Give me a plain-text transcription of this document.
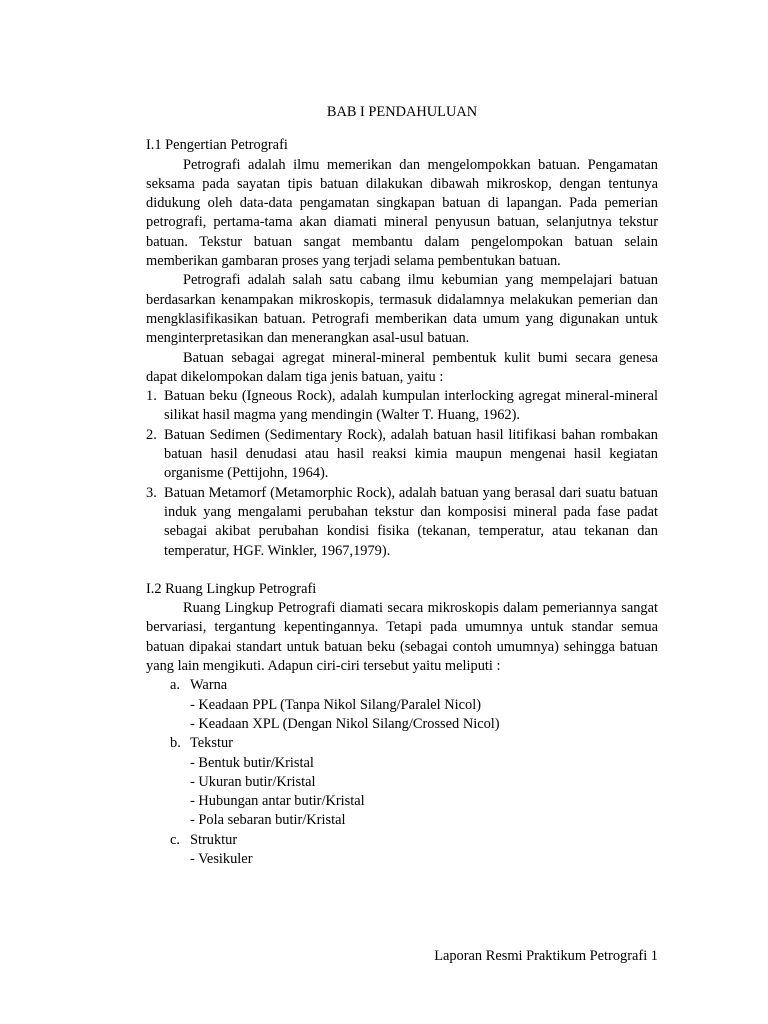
BAB I PENDAHULUAN
I.1 Pengertian Petrografi

Petrografi adalah ilmu memerikan dan mengelompokkan batuan. Pengamatan seksama pada sayatan tipis batuan dilakukan dibawah mikroskop, dengan tentunya didukung oleh data-data pengamatan singkapan batuan di lapangan. Pada pemerian petrografi, pertama-tama akan diamati mineral penyusun batuan, selanjutnya tekstur batuan. Tekstur batuan sangat membantu dalam pengelompokan batuan selain memberikan gambaran proses yang terjadi selama pembentukan batuan.

Petrografi adalah salah satu cabang ilmu kebumian yang mempelajari batuan berdasarkan kenampakan mikroskopis, termasuk didalamnya melakukan pemerian dan mengklasifikasikan batuan. Petrografi memberikan data umum yang digunakan untuk menginterpretasikan dan menerangkan asal-usul batuan.

Batuan sebagai agregat mineral-mineral pembentuk kulit bumi secara genesa dapat dikelompokan dalam tiga jenis batuan, yaitu :

1. Batuan beku (Igneous Rock), adalah kumpulan interlocking agregat mineral-mineral silikat hasil magma yang mendingin (Walter T. Huang, 1962).
2. Batuan Sedimen (Sedimentary Rock), adalah batuan hasil litifikasi bahan rombakan batuan hasil denudasi atau hasil reaksi kimia maupun mengenai hasil kegiatan organisme (Pettijohn, 1964).
3. Batuan Metamorf (Metamorphic Rock), adalah batuan yang berasal dari suatu batuan induk yang mengalami perubahan tekstur dan komposisi mineral pada fase padat sebagai akibat perubahan kondisi fisika (tekanan, temperatur, atau tekanan dan temperatur, HGF. Winkler, 1967,1979).
I.2 Ruang Lingkup Petrografi

Ruang Lingkup Petrografi diamati secara mikroskopis dalam pemeriannya sangat bervariasi, tergantung kepentingannya. Tetapi pada umumnya untuk standar semua batuan dipakai standart untuk batuan beku (sebagai contoh umumnya) sehingga batuan yang lain mengikuti. Adapun ciri-ciri tersebut yaitu meliputi :

a. Warna
- Keadaan PPL (Tanpa Nikol Silang/Paralel Nicol)
- Keadaan XPL (Dengan Nikol Silang/Crossed Nicol)
b. Tekstur
- Bentuk butir/Kristal
- Ukuran butir/Kristal
- Hubungan antar butir/Kristal
- Pola sebaran butir/Kristal
c. Struktur
- Vesikuler
Laporan Resmi Praktikum Petrografi 1
